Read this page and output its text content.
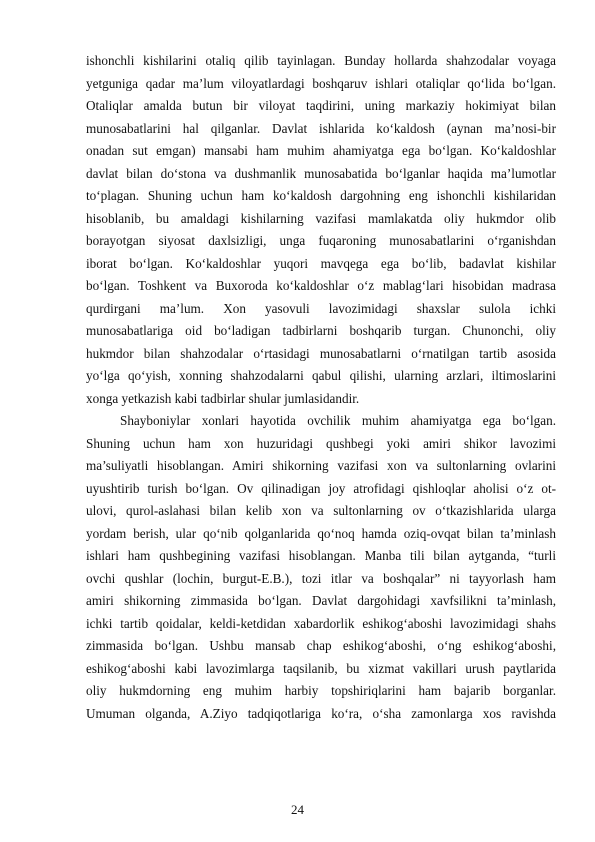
ishonchli kishilarini otaliq qilib tayinlagan. Bunday hollarda shahzodalar voyaga
yetguniga qadar ma’lum viloyatlardagi boshqaruv ishlari otaliqlar qo‘lida bo‘lgan.
Otaliqlar amalda butun bir viloyat taqdirini, uning markaziy hokimiyat bilan
munosabatlarini hal qilganlar. Davlat ishlarida ko‘kaldosh (aynan ma’nosi-bir
onadan sut emgan) mansabi ham muhim ahamiyatga ega bo‘lgan. Ko‘kaldoshlar
davlat bilan do‘stona va dushmanlik munosabatida bo‘lganlar haqida ma’lumotlar
to‘plagan. Shuning uchun ham ko‘kaldosh dargohning eng ishonchli kishilaridan
hisoblanib, bu amaldagi kishilarning vazifasi mamlakatda oliy hukmdor olib
borayotgan siyosat daxlsizligi, unga fuqaroning munosabatlarini o‘rganishdan
iborat bo‘lgan. Ko‘kaldoshlar yuqori mavqega ega bo‘lib, badavlat kishilar
bo‘lgan. Toshkent va Buxoroda ko‘kaldoshlar o‘z mablag‘lari hisobidan madrasa
qurdirgani ma’lum. Xon yasovuli lavozimidagi shaxslar sulola ichki
munosabatlariga oid bo‘ladigan tadbirlarni boshqarib turgan. Chunonchi, oliy
hukmdor bilan shahzodalar o‘rtasidagi munosabatlarni o‘rnatilgan tartib asosida
yo‘lga qo‘yish, xonning shahzodalarni qabul qilishi, ularning arzlari, iltimoslarini
xonga yetkazish kabi tadbirlar shular jumlasidandir.
Shayboniylar xonlari hayotida ovchilik muhim ahamiyatga ega bo‘lgan.
Shuning uchun ham xon huzuridagi qushbegi yoki amiri shikor lavozimi
ma’suliyatli hisoblangan. Amiri shikorning vazifasi xon va sultonlarning ovlarini
uyushtirib turish bo‘lgan. Ov qilinadigan joy atrofidagi qishloqlar aholisi o‘z ot-
ulovi, qurol-aslahasi bilan kelib xon va sultonlarning ov o‘tkazishlarida ularga
yordam berish, ular qo‘nib qolganlarida qo‘noq hamda oziq-ovqat bilan ta’minlash
ishlari ham qushbegining vazifasi hisoblangan. Manba tili bilan aytganda, “turli
ovchi qushlar (lochin, burgut-E.B.), tozi itlar va boshqalar” ni tayyorlash ham
amiri shikorning zimmasida bo‘lgan. Davlat dargohidagi xavfsilikni ta’minlash,
ichki tartib qoidalar, keldi-ketdidan xabardorlik eshikog‘aboshi lavozimidagi shahs
zimmasida bo‘lgan. Ushbu mansab chap eshikog‘aboshi, o‘ng eshikog‘aboshi,
eshikog‘aboshi kabi lavozimlarga taqsilanib, bu xizmat vakillari urush paytlarida
oliy hukmdorning eng muhim harbiy topshiriqlarini ham bajarib borganlar.
Umuman olganda, A.Ziyo tadqiqotlariga ko‘ra, o‘sha zamonlarga xos ravishda
24
